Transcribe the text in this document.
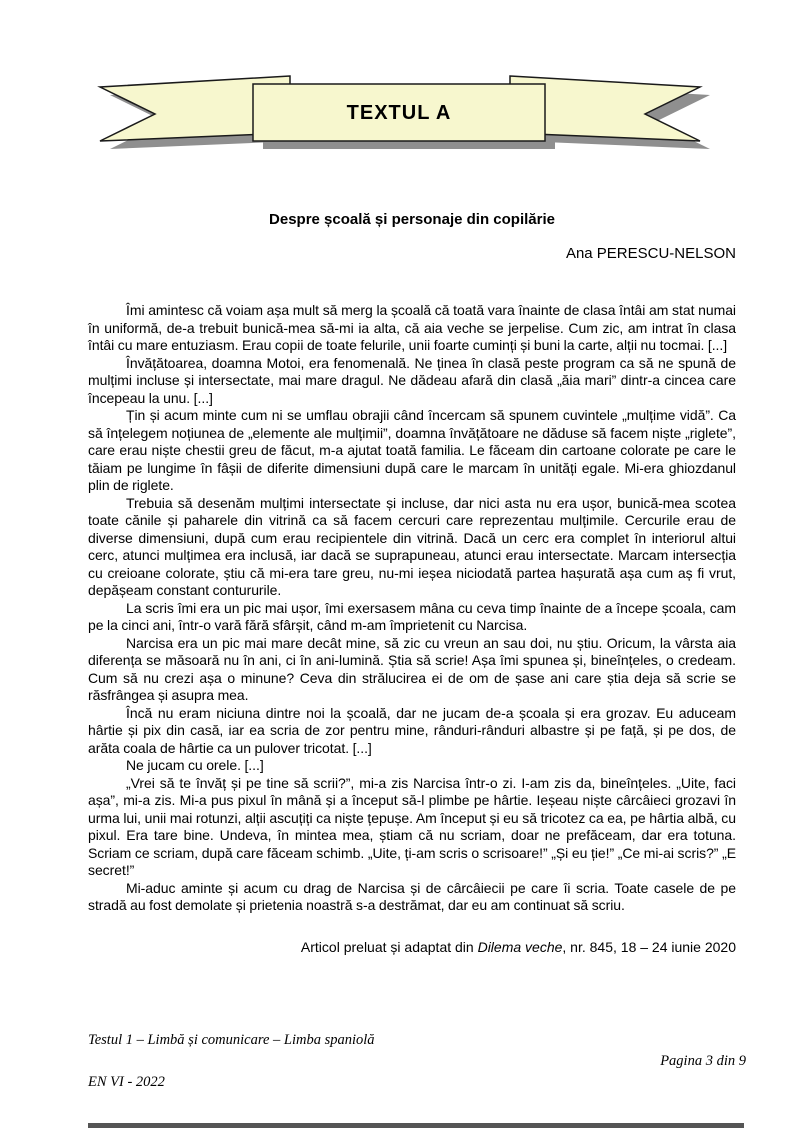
TEXTUL A
Despre școală și personaje din copilărie
Ana PERESCU-NELSON

Îmi amintesc că voiam așa mult să merg la școală că toată vara înainte de clasa întâi am stat numai în uniformă, de-a trebuit bunică-mea să-mi ia alta, că aia veche se jerpelise. Cum zic, am intrat în clasa întâi cu mare entuziasm. Erau copii de toate felurile, unii foarte cuminți și buni la carte, alții nu tocmai. [...]

Învățătoarea, doamna Motoi, era fenomenală. Ne ținea în clasă peste program ca să ne spună de mulțimi incluse și intersectate, mai mare dragul. Ne dădeau afară din clasă „ăia mari” dintr-a cincea care începeau la unu. [...]

Țin și acum minte cum ni se umflau obrajii când încercam să spunem cuvintele „mulțime vidă”. Ca să înțelegem noțiunea de „elemente ale mulțimii”, doamna învățătoare ne dăduse să facem niște „riglete”, care erau niște chestii greu de făcut, m-a ajutat toată familia. Le făceam din cartoane colorate pe care le tăiam pe lungime în fâșii de diferite dimensiuni după care le marcam în unități egale. Mi-era ghiozdanul plin de riglete.

Trebuia să desenăm mulțimi intersectate și incluse, dar nici asta nu era ușor, bunică-mea scotea toate cănile și paharele din vitrină ca să facem cercuri care reprezentau mulțimile. Cercurile erau de diverse dimensiuni, după cum erau recipientele din vitrină. Dacă un cerc era complet în interiorul altui cerc, atunci mulțimea era inclusă, iar dacă se suprapuneau, atunci erau intersectate. Marcam intersecția cu creioane colorate, știu că mi-era tare greu, nu-mi ieșea niciodată partea hașurată așa cum aș fi vrut, depășeam constant contururile.

La scris îmi era un pic mai ușor, îmi exersasem mâna cu ceva timp înainte de a începe școala, cam pe la cinci ani, într-o vară fără sfârșit, când m-am împrietenit cu Narcisa.

Narcisa era un pic mai mare decât mine, să zic cu vreun an sau doi, nu știu. Oricum, la vârsta aia diferența se măsoară nu în ani, ci în ani-lumină. Știa să scrie! Așa îmi spunea și, bineînțeles, o credeam. Cum să nu crezi așa o minune? Ceva din strălucirea ei de om de șase ani care știa deja să scrie se răsfrângea și asupra mea.

Încă nu eram niciuna dintre noi la școală, dar ne jucam de-a școala și era grozav. Eu aduceam hârtie și pix din casă, iar ea scria de zor pentru mine, rânduri-rânduri albastre și pe față, și pe dos, de arăta coala de hârtie ca un pulover tricotat. [...]

Ne jucam cu orele. [...]

„Vrei să te învăț și pe tine să scrii?”, mi-a zis Narcisa într-o zi. I-am zis da, bineînțeles. „Uite, faci așa”, mi-a zis. Mi-a pus pixul în mână și a început să-l plimbe pe hârtie. Ieșeau niște cârcâieci grozavi în urma lui, unii mai rotunzi, alții ascuțiți ca niște țepușe. Am început și eu să tricotez ca ea, pe hârtia albă, cu pixul. Era tare bine. Undeva, în mintea mea, știam că nu scriam, doar ne prefăceam, dar era totuna. Scriam ce scriam, după care făceam schimb. „Uite, ți-am scris o scrisoare!” „Și eu ție!” „Ce mi-ai scris?” „E secret!”

Mi-aduc aminte și acum cu drag de Narcisa și de cârcâiecii pe care îi scria. Toate casele de pe stradă au fost demolate și prietenia noastră s-a destrămat, dar eu am continuat să scriu.

Articol preluat și adaptat din Dilema veche, nr. 845, 18 – 24 iunie 2020
Testul 1 – Limbă și comunicare – Limba spaniolă
Pagina 3 din 9
EN VI - 2022
